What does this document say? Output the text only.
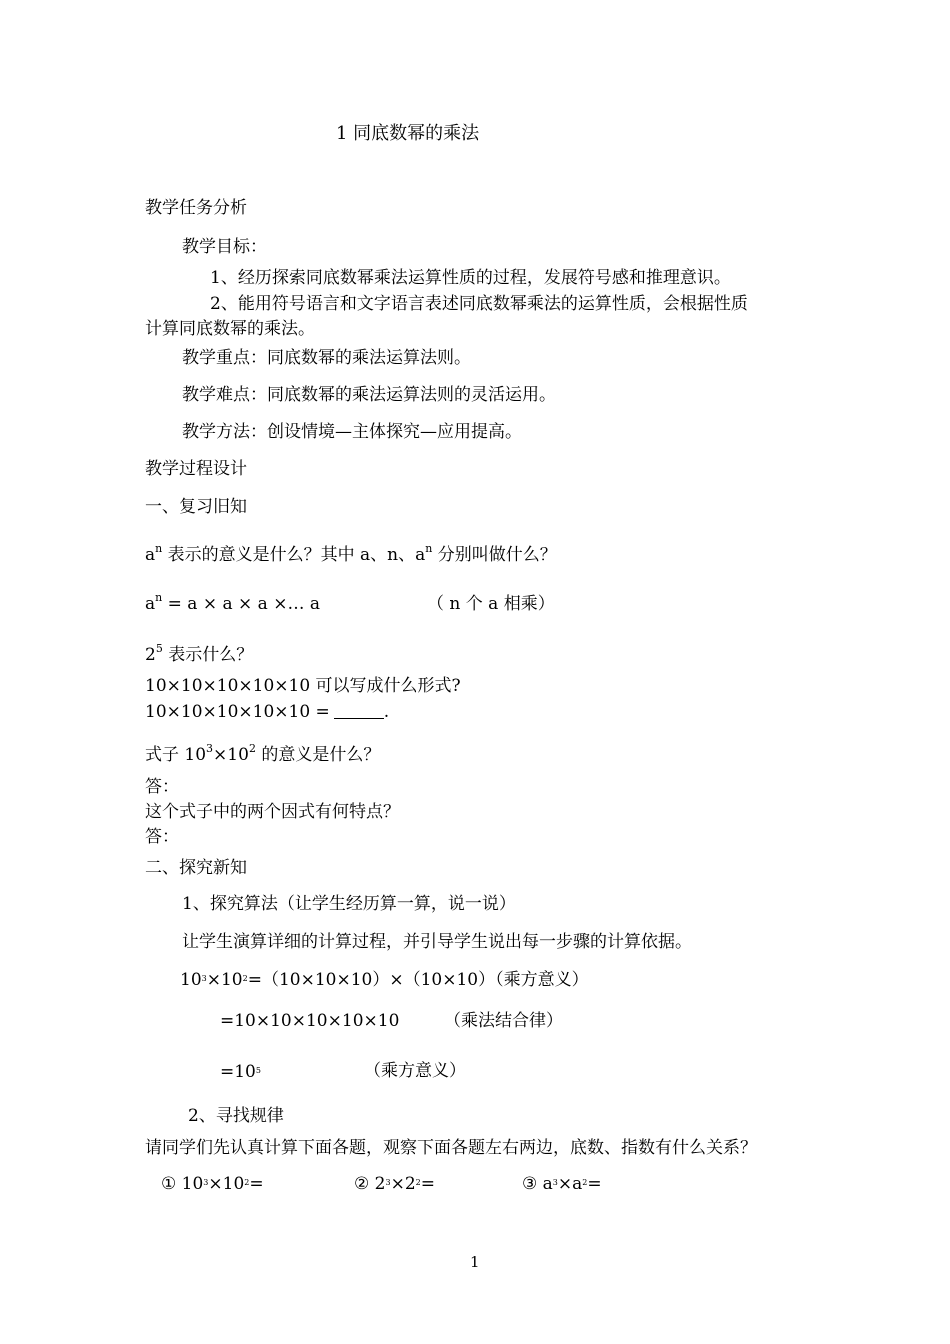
1 同底数幂的乘法
教学任务分析
教学目标：
1、经历探索同底数幂乘法运算性质的过程，发展符号感和推理意识。
2、能用符号语言和文字语言表述同底数幂乘法的运算性质，会根据性质
计算同底数幂的乘法。
教学重点：同底数幂的乘法运算法则。
教学难点：同底数幂的乘法运算法则的灵活运用。
教学方法：创设情境—主体探究—应用提高。
教学过程设计
一、复习旧知
$a^n$ 表示的意义是什么？其中 a、n、$a^n$ 分别叫做什么？
$a^n = a \times a \times a$ ×… a	（ n 个 a 相乘）
$2^5$ 表示什么？
10×10×10×10×10 可以写成什么形式?
10×10×10×10×10 =	.
式子 $10^3\times 10^2$ 的意义是什么？
答：
这个式子中的两个因式有何特点？
答：
二、探究新知
1、探究算法（让学生经历算一算，说一说）
让学生演算详细的计算过程，并引导学生说出每一步骤的计算依据。
$10^3\times 10^2=(10\times 10\times 10)\times(10\times 10)$（乘方意义）
=10×10×10×10×10	（乘法结合律）
$=10^5$	（乘方意义）
2、寻找规律
请同学们先认真计算下面各题，观察下面各题左右两边，底数、指数有什么关系？
① $10^3\times 10^2=$	② $2^3\times 2^2=$	③ $a^3\times a^2=$
1
